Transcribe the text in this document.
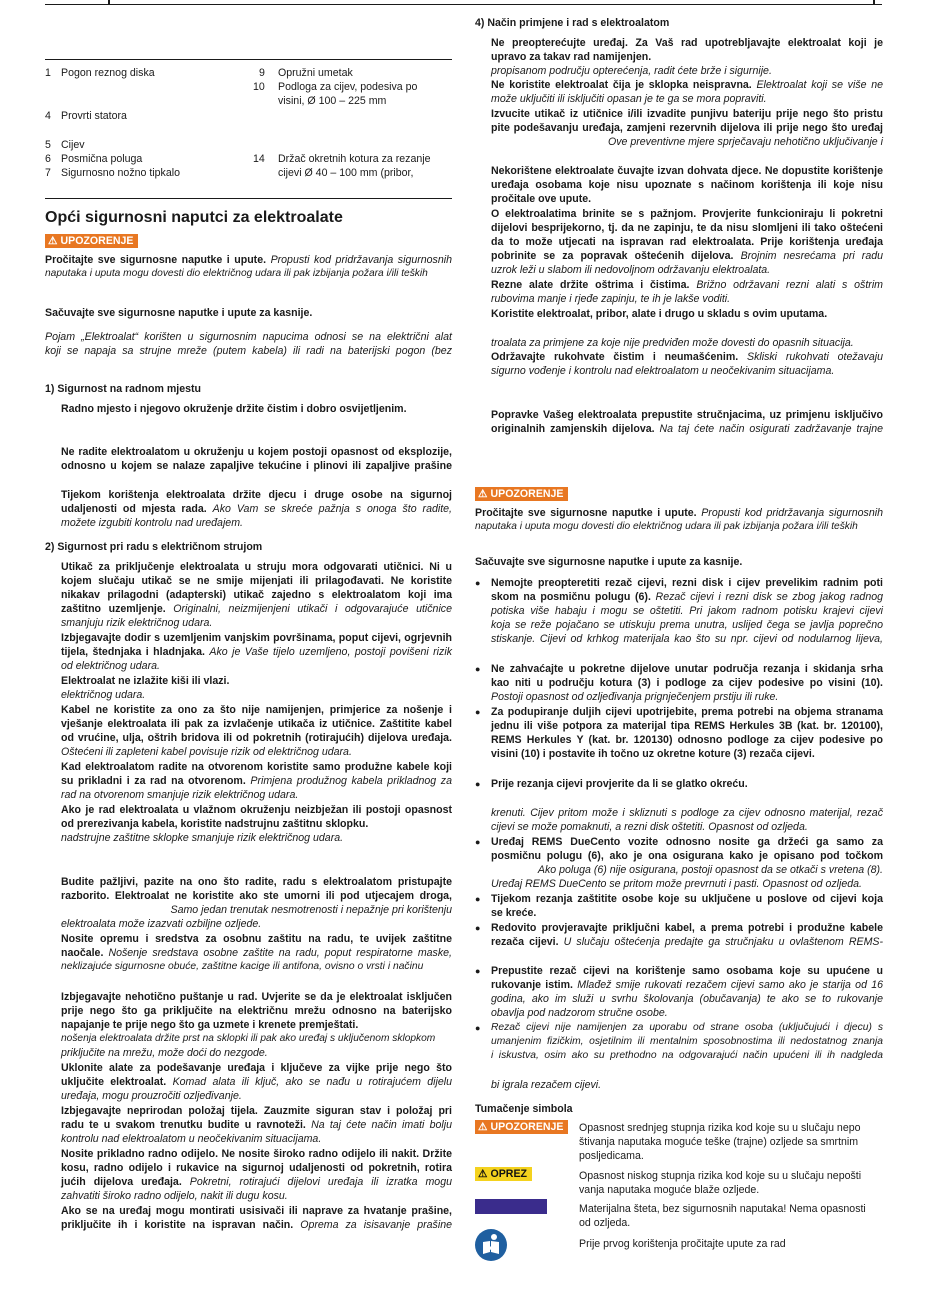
1 Pogon reznog diska
4 Provrti statora
5 Cijev
6 Posmična poluga
7 Sigurnosno nožno tipkalo
9 Opružni umetak
10 Podloga za cijev, podesiva po
visini, Ø 100 – 225 mm
14 Držač okretnih kotura za rezanje
cijevi Ø 40 – 100 mm (pribor,
Opći sigurnosni naputci za elektroalate
⚠ UPOZORENJE
Pročitajte sve sigurnosne naputke i upute. Propusti kod pridržavanja sigurnosnih
naputaka i uputa mogu dovesti dio električnog udara ili pak izbijanja požara i/ili teških
Sačuvajte sve sigurnosne naputke i upute za kasnije.
Pojam „Elektroalat“ korišten u sigurnosnim napucima odnosi se na električni alat
koji se napaja sa strujne mreže (putem kabela) ili radi na baterijski pogon (bez
1) Sigurnost na radnom mjestu
Radno mjesto i njegovo okruženje držite čistim i dobro osvijetljenim.
Ne radite elektroalatom u okruženju u kojem postoji opasnost od eksplozije,
odnosno u kojem se nalaze zapaljive tekućine i plinovi ili zapaljive prašine
Tijekom korištenja elektroalata držite djecu i druge osobe na sigurnoj
udaljenosti od mjesta rada. Ako Vam se skreće pažnja s onoga što radite,
možete izgubiti kontrolu nad uređajem.
2) Sigurnost pri radu s električnom strujom
Utikač za priključenje elektroalata u struju mora odgovarati utičnici. Ni u
kojem slučaju utikač se ne smije mijenjati ili prilagođavati. Ne koristite
nikakav prilagodni (adapterski) utikač zajedno s elektroalatom koji ima
zaštitno uzemljenje. Originalni, neizmijenjeni utikači i odgovarajuće utičnice
smanjuju rizik električnog udara.
Izbjegavajte dodir s uzemljenim vanjskim površinama, poput cijevi, ogrjevnih
tijela, štednjaka i hladnjaka. Ako je Vaše tijelo uzemljeno, postoji povišeni rizik
od električnog udara.
Elektroalat ne izlažite kiši ili vlazi.
električnog udara.
Kabel ne koristite za ono za što nije namijenjen, primjerice za nošenje i
vješanje elektroalata ili pak za izvlačenje utikača iz utičnice. Zaštitite kabel
od vrućine, ulja, oštrih bridova ili od pokretnih (rotirajućih) dijelova uređaja.
Oštećeni ili zapleteni kabel povisuje rizik od električnog udara.
Kad elektroalatom radite na otvorenom koristite samo produžne kabele koji
su prikladni i za rad na otvorenom. Primjena produžnog kabela prikladnog za
rad na otvorenom smanjuje rizik električnog udara.
Ako je rad elektroalata u vlažnom okruženju neizbježan ili postoji opasnost
od prerezivanja kabela, koristite nadstrujnu zaštitnu sklopku.
nadstrujne zaštitne sklopke smanjuje rizik električnog udara.
Budite pažljivi, pazite na ono što radite, radu s elektroalatom pristupajte
razborito. Elektroalat ne koristite ako ste umorni ili pod utjecajem droga,
Samo jedan trenutak nesmotrenosti i nepažnje pri korištenju
elektroalata može izazvati ozbiljne ozljede.
Nosite opremu i sredstva za osobnu zaštitu na radu, te uvijek zaštitne
naočale. Nošenje sredstava osobne zaštite na radu, poput respiratorne maske,
neklizajuće sigurnosne obuće, zaštitne kacige ili antifona, ovisno o vrsti i načinu
Izbjegavajte nehotično puštanje u rad. Uvjerite se da je elektroalat isključen
prije nego što ga priključite na električnu mrežu odnosno na baterijsko
napajanje te prije nego što ga uzmete i krenete premještati.
nošenja elektroalata držite prst na sklopki ili pak ako uređaj s uključenom sklopkom
priključite na mrežu, može doći do nezgode.
Uklonite alate za podešavanje uređaja i ključeve za vijke prije nego što
uključite elektroalat. Komad alata ili ključ, ako se nađu u rotirajućem dijelu
uređaja, mogu prouzročiti ozljeđivanje.
Izbjegavajte neprirodan položaj tijela. Zauzmite siguran stav i položaj pri
radu te u svakom trenutku budite u ravnoteži. Na taj ćete način imati bolju
kontrolu nad elektroalatom u neočekivanim situacijama.
Nosite prikladno radno odijelo. Ne nosite široko radno odijelo ili nakit. Držite
kosu, radno odijelo i rukavice na sigurnoj udaljenosti od pokretnih, rotira
jućih dijelova uređaja. Pokretni, rotirajući dijelovi uređaja ili izratka mogu
zahvatiti široko radno odijelo, nakit ili dugu kosu.
Ako se na uređaj mogu montirati usisivači ili naprave za hvatanje prašine,
priključite ih i koristite na ispravan način. Oprema za isisavanje prašine
4) Način primjene i rad s elektroalatom
Ne preopterećujte uređaj. Za Vaš rad upotrebljavajte elektroalat koji je
upravo za takav rad namijenjen.
propisanom području opterećenja, radit ćete brže i sigurnije.
Ne koristite elektroalat čija je sklopka neispravna. Elektroalat koji se više ne
može uključiti ili isključiti opasan je te ga se mora popraviti.
Izvucite utikač iz utičnice i/ili izvadite punjivu bateriju prije nego što pristu
pite podešavanju uređaja, zamjeni rezervnih dijelova ili prije nego što uređaj
Ove preventivne mjere sprječavaju nehotično uključivanje i
Nekorištene elektroalate čuvajte izvan dohvata djece. Ne dopustite korištenje
uređaja osobama koje nisu upoznate s načinom korištenja ili koje nisu
pročitale ove upute.
O elektroalatima brinite se s pažnjom. Provjerite funkcioniraju li pokretni
dijelovi besprijekorno, tj. da ne zapinju, te da nisu slomljeni ili tako oštećeni
da to može utjecati na ispravan rad elektroalata. Prije korištenja uređaja
pobrinite se za popravak oštećenih dijelova. Brojnim nesrećama pri radu
uzrok leži u slabom ili nedovoljnom održavanju elektroalata.
Rezne alate držite oštrima i čistima. Brižno održavani rezni alati s oštrim
rubovima manje i rjeđe zapinju, te ih je lakše voditi.
Koristite elektroalat, pribor, alate i drugo u skladu s ovim uputama.
troalata za primjene za koje nije predviđen može dovesti do opasnih situacija.
Održavajte rukohvate čistim i neumašćenim. Skliski rukohvati otežavaju
sigurno vođenje i kontrolu nad elektroalatom u neočekivanim situacijama.
Popravke Vašeg elektroalata prepustite stručnjacima, uz primjenu isključivo
originalnih zamjenskih dijelova. Na taj ćete način osigurati zadržavanje trajne
⚠ UPOZORENJE
Pročitajte sve sigurnosne naputke i upute. Propusti kod pridržavanja sigurnosnih
naputaka i uputa mogu dovesti dio električnog udara ili pak izbijanja požara i/ili teških
Sačuvajte sve sigurnosne naputke i upute za kasnije.
● Nemojte preopteretiti rezač cijevi, rezni disk i cijev prevelikim radnim poti
skom na posmičnu polugu (6). Rezač cijevi i rezni disk se zbog jakog radnog
potiska više habaju i mogu se oštetiti. Pri jakom radnom potisku krajevi cijevi
koja se reže pojačano se utiskuju prema unutra, uslijed čega se javlja poprečno
stiskanje. Cijevi od krhkog materijala kao što su npr. cijevi od nodularnog lijeva,
● Ne zahvaćajte u pokretne dijelove unutar područja rezanja i skidanja srha
kao niti u području kotura (3) i podloge za cijev podesive po visini (10).
Postoji opasnost od ozljeđivanja prignječenjem prstiju ili ruke.
● Za podupiranje duljih cijevi upotrijebite, prema potrebi na objema stranama
jednu ili više potpora za materijal tipa REMS Herkules 3B (kat. br. 120100),
REMS Herkules Y (kat. br. 120130) odnosno podloge za cijev podesive po
visini (10) i postavite ih točno uz okretne koture (3) rezača cijevi.
● Prije rezanja cijevi provjerite da li se glatko okreću.
krenuti. Cijev pritom može i skliznuti s podloge za cijev odnosno materijal, rezač
cijevi se može pomaknuti, a rezni disk oštetiti. Opasnost od ozljeda.
● Uređaj REMS DueCento vozite odnosno nosite ga držeći ga samo za
posmičnu polugu (6), ako je ona osigurana kako je opisano pod točkom
Ako poluga (6) nije osigurana, postoji opasnost da se otkači s vretena (8).
Uređaj REMS DueCento se pritom može prevrnuti i pasti. Opasnost od ozljeda.
● Tijekom rezanja zaštitite osobe koje su uključene u poslove od cijevi koja
se kreće.
● Redovito provjeravajte priključni kabel, a prema potrebi i produžne kabele
rezača cijevi. U slučaju oštećenja predajte ga stručnjaku u ovlaštenom REMS-
● Prepustite rezač cijevi na korištenje samo osobama koje su upućene u
rukovanje istim. Mlađež smije rukovati rezačem cijevi samo ako je starija od 16
godina, ako im služi u svrhu školovanja (obučavanja) te ako se to rukovanje
obavlja pod nadzorom stručne osobe.
● Rezač cijevi nije namijenjen za uporabu od strane osoba (uključujući i djecu) s
umanjenim fizičkim, osjetilnim ili mentalnim sposobnostima ili nedostatnog znanja
i iskustva, osim ako su prethodno na odgovarajući način upućeni ili ih nadgleda
bi igrala rezačem cijevi.
Tumačenje simbola
⚠ UPOZORENJE	Opasnost srednjeg stupnja rizika kod koje su u slučaju nepo
štivanja naputaka moguće teške (trajne) ozljede sa smrtnim
posljedicama.
⚠ OPREZ	Opasnost niskog stupnja rizika kod koje su u slučaju nepošti
vanja naputaka moguće blaže ozljede.
Materijalna šteta, bez sigurnosnih naputaka! Nema opasnosti
od ozljeda.
Prije prvog korištenja pročitajte upute za rad
